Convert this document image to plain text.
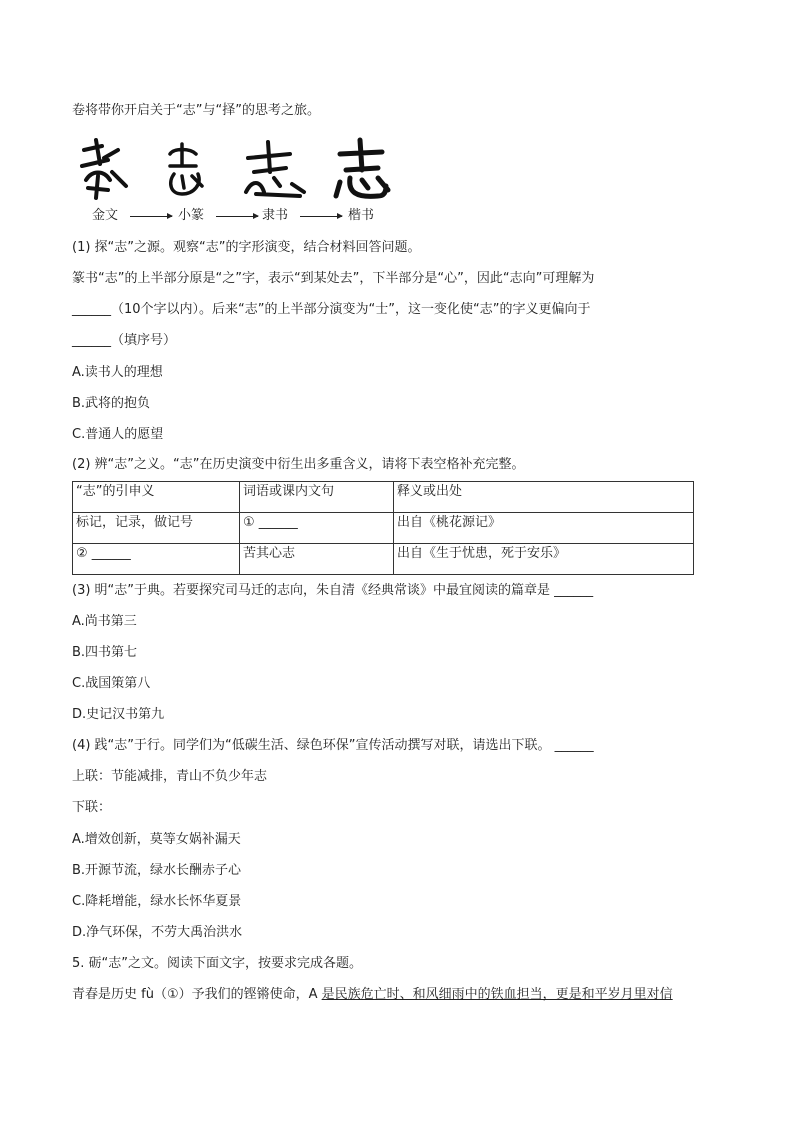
卷将带你开启关于“志”与“择”的思考之旅。
金文	小篆	隶书	楷书
(1) 探“志”之源。观察“志”的字形演变，结合材料回答问题。
篆书“志”的上半部分原是“之”字，表示“到某处去”，下半部分是“心”，因此“志向”可理解为
______（10个字以内）。后来“志”的上半部分演变为“士”，这一变化使“志”的字义更偏向于
______（填序号）
A.读书人的理想
B.武将的抱负
C.普通人的愿望
(2) 辨“志”之义。“志”在历史演变中衍生出多重含义，请将下表空格补充完整。
“志”的引申义	词语或课内文句	释义或出处
标记，记录，做记号	① ______	出自《桃花源记》
② ______	苦其心志	出自《生于忧患，死于安乐》
(3) 明“志”于典。若要探究司马迁的志向，朱自清《经典常谈》中最宜阅读的篇章是 ______
A.尚书第三
B.四书第七
C.战国策第八
D.史记汉书第九
(4) 践“志”于行。同学们为“低碳生活、绿色环保”宣传活动撰写对联，请选出下联。 ______
上联：节能减排，青山不负少年志
下联：
A.增效创新，莫等女娲补漏天
B.开源节流，绿水长酬赤子心
C.降耗增能，绿水长怀华夏景
D.净气环保，不劳大禹治洪水
5. 砺“志”之文。阅读下面文字，按要求完成各题。
青春是历史 fù（①）予我们的铿锵使命，A 是民族危亡时、和风细雨中的铁血担当，更是和平岁月里对信
